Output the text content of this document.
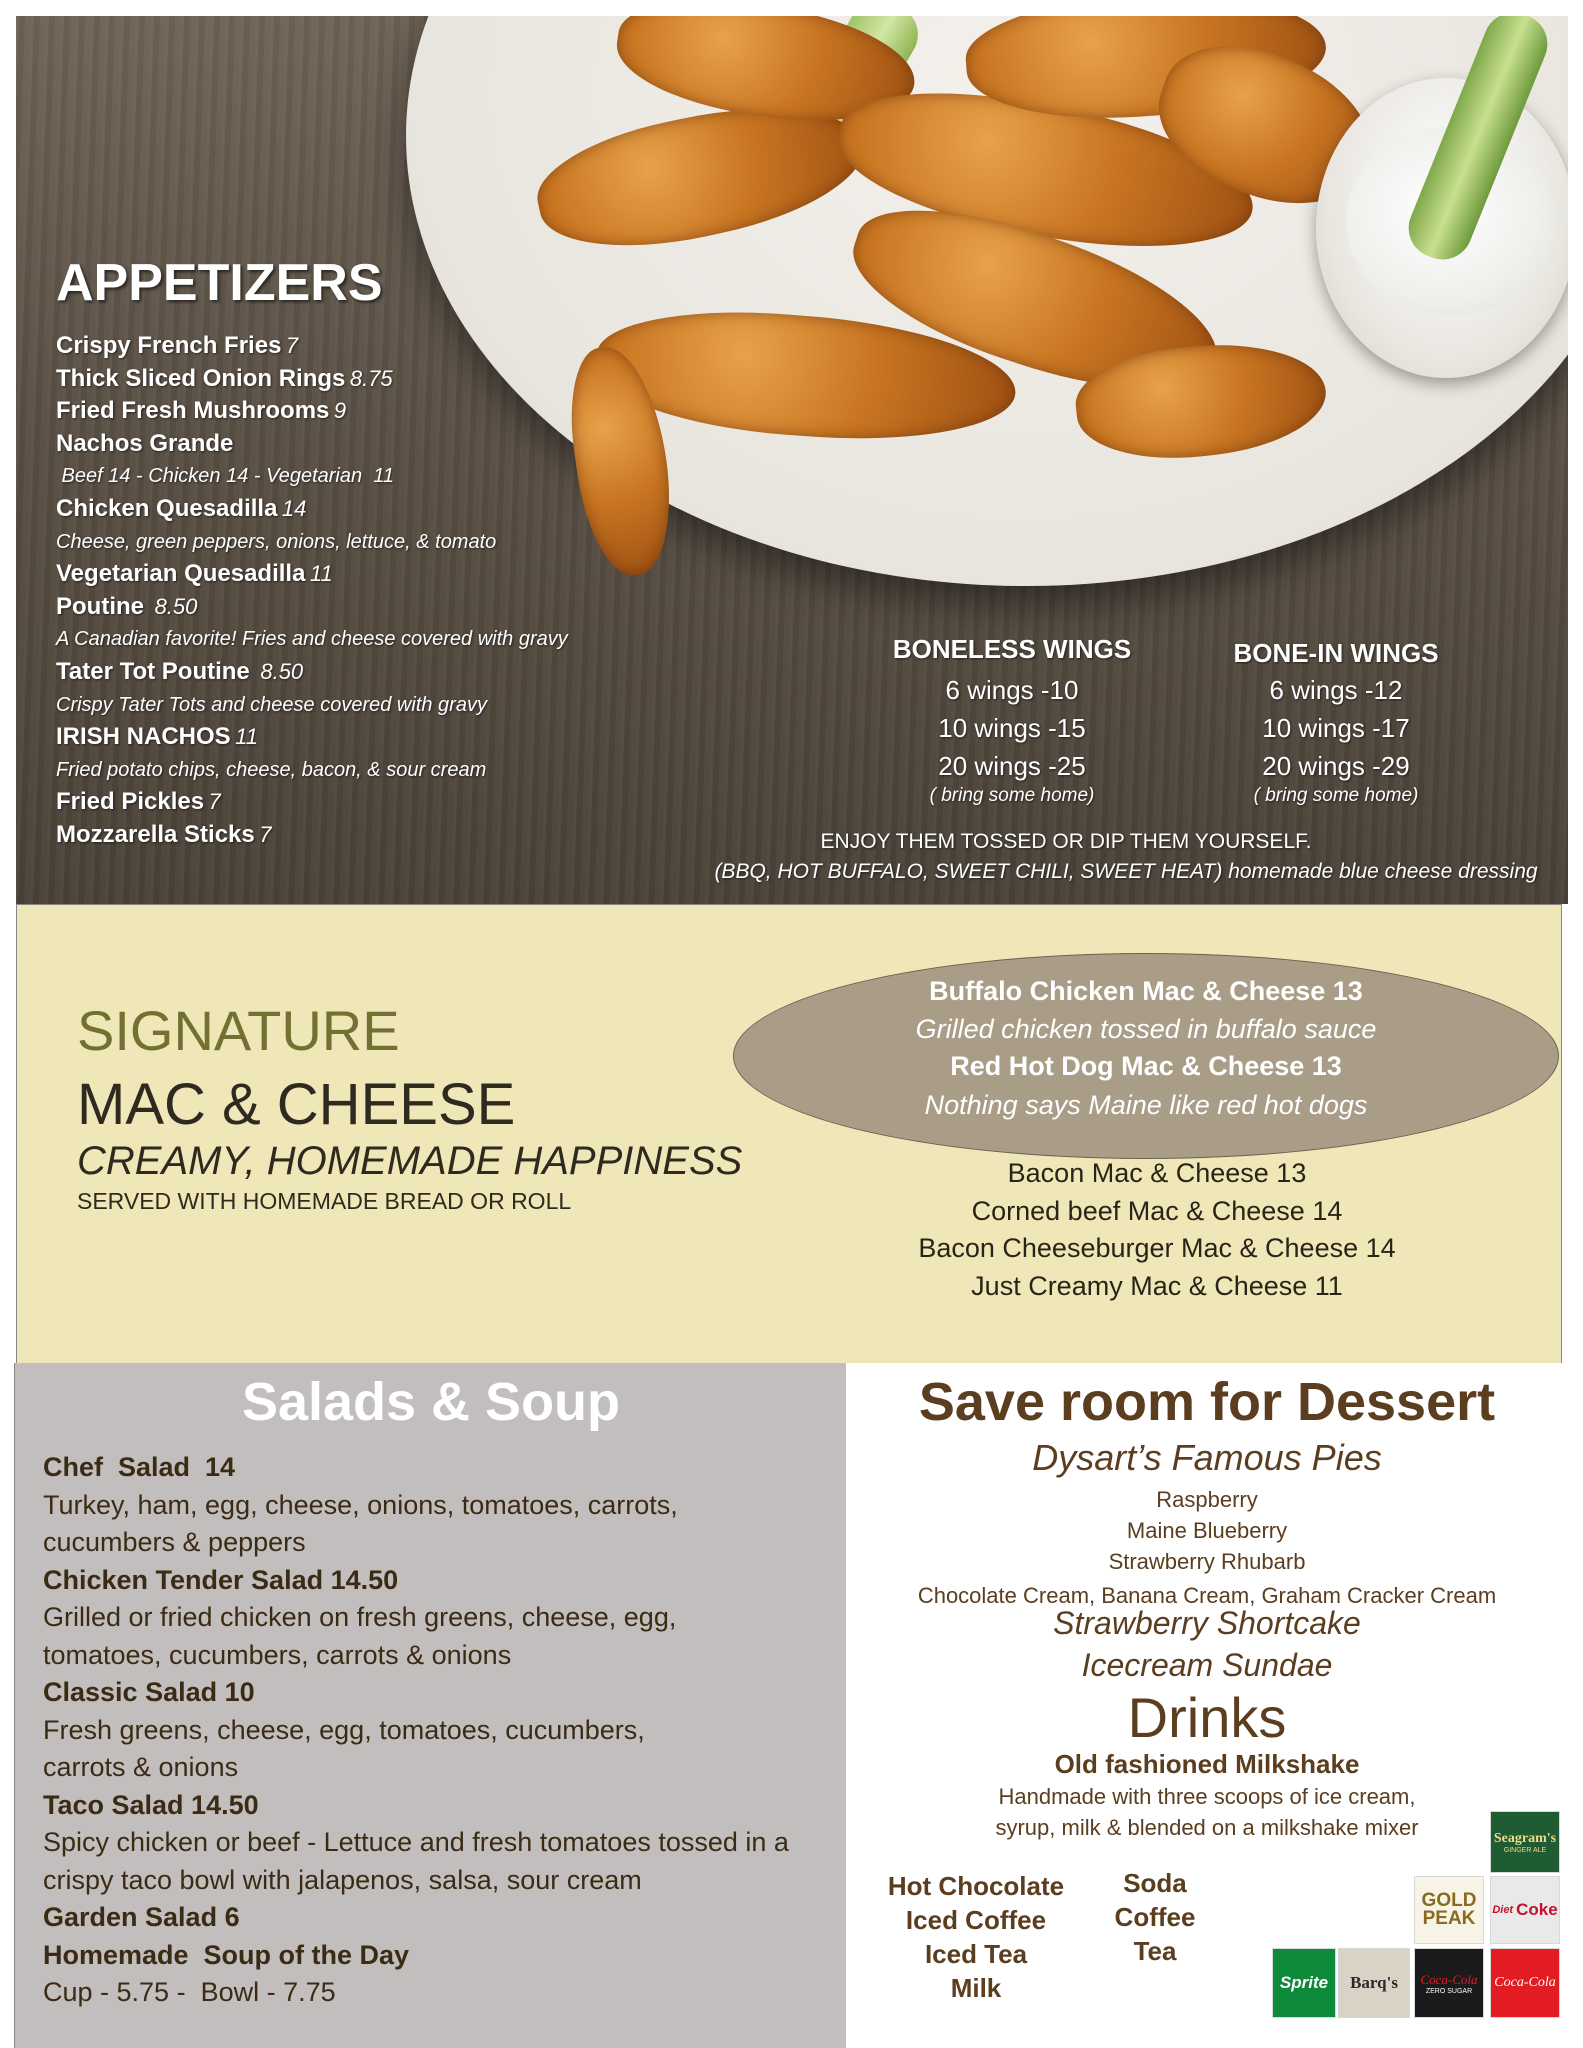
APPETIZERS
Crispy French Fries 7
Thick Sliced Onion Rings 8.75
Fried Fresh Mushrooms 9
Nachos Grande
Beef 14 - Chicken 14 - Vegetarian  11
Chicken Quesadilla 14
Cheese, green peppers, onions, lettuce, & tomato
Vegetarian Quesadilla 11
Poutine  8.50
A Canadian favorite! Fries and cheese covered with gravy
Tater Tot Poutine  8.50
Crispy Tater Tots and cheese covered with gravy
IRISH NACHOS 11
Fried potato chips, cheese, bacon, & sour cream
Fried Pickles 7
Mozzarella Sticks 7
BONELESS WINGS
6 wings -10
10 wings -15
20 wings -25
( bring some home)
BONE-IN WINGS
6 wings -12
10 wings -17
20 wings -29
( bring some home)
ENJOY THEM TOSSED OR DIP THEM YOURSELF.
(BBQ, HOT BUFFALO, SWEET CHILI, SWEET HEAT) homemade blue cheese dressing
SIGNATURE
MAC & CHEESE
CREAMY, HOMEMADE HAPPINESS
SERVED WITH HOMEMADE BREAD OR ROLL
Buffalo Chicken Mac & Cheese 13
Grilled chicken tossed in buffalo sauce
Red Hot Dog Mac & Cheese 13
Nothing says Maine like red hot dogs
Bacon Mac & Cheese 13
Corned beef Mac & Cheese 14
Bacon Cheeseburger Mac & Cheese 14
Just Creamy Mac & Cheese 11
Salads & Soup
Chef  Salad  14
Turkey, ham, egg, cheese, onions, tomatoes, carrots,
cucumbers & peppers
Chicken Tender Salad 14.50
Grilled or fried chicken on fresh greens, cheese, egg,
tomatoes, cucumbers, carrots & onions
Classic Salad 10
Fresh greens, cheese, egg, tomatoes, cucumbers,
carrots & onions
Taco Salad 14.50
Spicy chicken or beef - Lettuce and fresh tomatoes tossed in a
crispy taco bowl with jalapenos, salsa, sour cream
Garden Salad 6
Homemade  Soup of the Day
Cup - 5.75 -  Bowl - 7.75
Save room for Dessert
Dysart’s Famous Pies
Raspberry
Maine Blueberry
Strawberry Rhubarb
Chocolate Cream, Banana Cream, Graham Cracker Cream
Strawberry Shortcake
Icecream Sundae
Drinks
Old fashioned Milkshake
Handmade with three scoops of ice cream,
syrup, milk & blended on a milkshake mixer
Hot Chocolate
Iced Coffee
Iced Tea
Milk
Soda
Coffee
Tea
Seagram's
GINGER ALE
GOLD PEAK	Diet Coke
Sprite Barq's Coca-Cola
ZERO SUGAR
Coca-Cola
